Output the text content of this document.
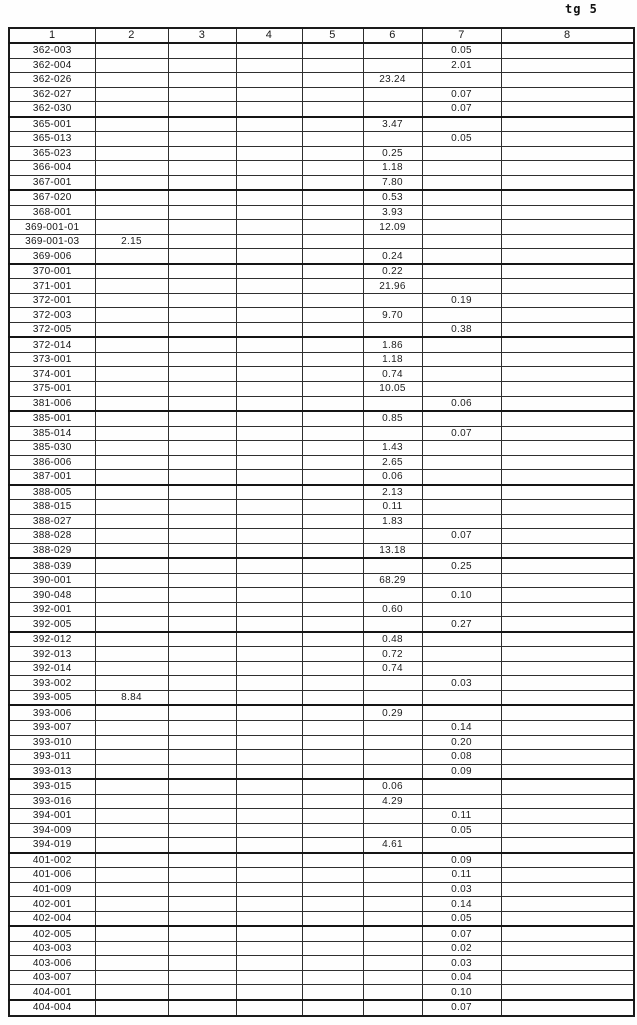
tg 5
1	2	3	4	5	6	7	8
362-003						0.05	
362-004						2.01	
362-026					23.24		
362-027						0.07	
362-030						0.07	
365-001					3.47		
365-013						0.05	
365-023					0.25		
366-004					1.18		
367-001					7.80		
367-020					0.53		
368-001					3.93		
369-001-01					12.09		
369-001-03	2.15						
369-006					0.24		
370-001					0.22		
371-001					21.96		
372-001						0.19	
372-003					9.70		
372-005						0.38	
372-014					1.86		
373-001					1.18		
374-001					0.74		
375-001					10.05		
381-006						0.06	
385-001					0.85		
385-014						0.07	
385-030					1.43		
386-006					2.65		
387-001					0.06		
388-005					2.13		
388-015					0.11		
388-027					1.83		
388-028						0.07	
388-029					13.18		
388-039						0.25	
390-001					68.29		
390-048						0.10	
392-001					0.60		
392-005						0.27	
392-012					0.48		
392-013					0.72		
392-014					0.74		
393-002						0.03	
393-005	8.84						
393-006					0.29		
393-007						0.14	
393-010						0.20	
393-011						0.08	
393-013						0.09	
393-015					0.06		
393-016					4.29		
394-001						0.11	
394-009						0.05	
394-019					4.61		
401-002						0.09	
401-006						0.11	
401-009						0.03	
402-001						0.14	
402-004						0.05	
402-005						0.07	
403-003						0.02	
403-006						0.03	
403-007						0.04	
404-001						0.10	
404-004						0.07	
